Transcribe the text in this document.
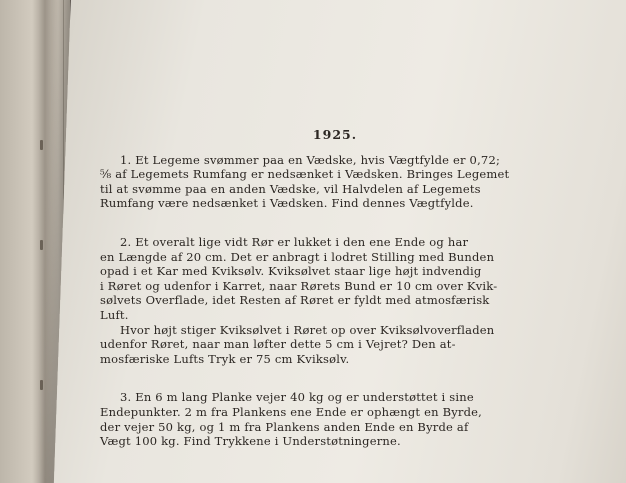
1925.
1. Et Legeme svømmer paa en Vædske, hvis Vægtfylde er 0,72;
⅝ af Legemets Rumfang er nedsænket i Vædsken. Bringes Legemet
til at svømme paa en anden Vædske, vil Halvdelen af Legemets
Rumfang være nedsænket i Vædsken. Find dennes Vægtfylde.
2. Et overalt lige vidt Rør er lukket i den ene Ende og har
en Længde af 20 cm. Det er anbragt i lodret Stilling med Bunden
opad i et Kar med Kviksølv. Kviksølvet staar lige højt indvendig
i Røret og udenfor i Karret, naar Rørets Bund er 10 cm over Kvik-
sølvets Overflade, idet Resten af Røret er fyldt med atmosfærisk
Luft.
Hvor højt stiger Kviksølvet i Røret op over Kviksølvoverfladen
udenfor Røret, naar man løfter dette 5 cm i Vejret? Den at-
mosfæriske Lufts Tryk er 75 cm Kviksølv.
3. En 6 m lang Planke vejer 40 kg og er understøttet i sine
Endepunkter. 2 m fra Plankens ene Ende er ophængt en Byrde,
der vejer 50 kg, og 1 m fra Plankens anden Ende en Byrde af
Vægt 100 kg. Find Trykkene i Understøtningerne.
